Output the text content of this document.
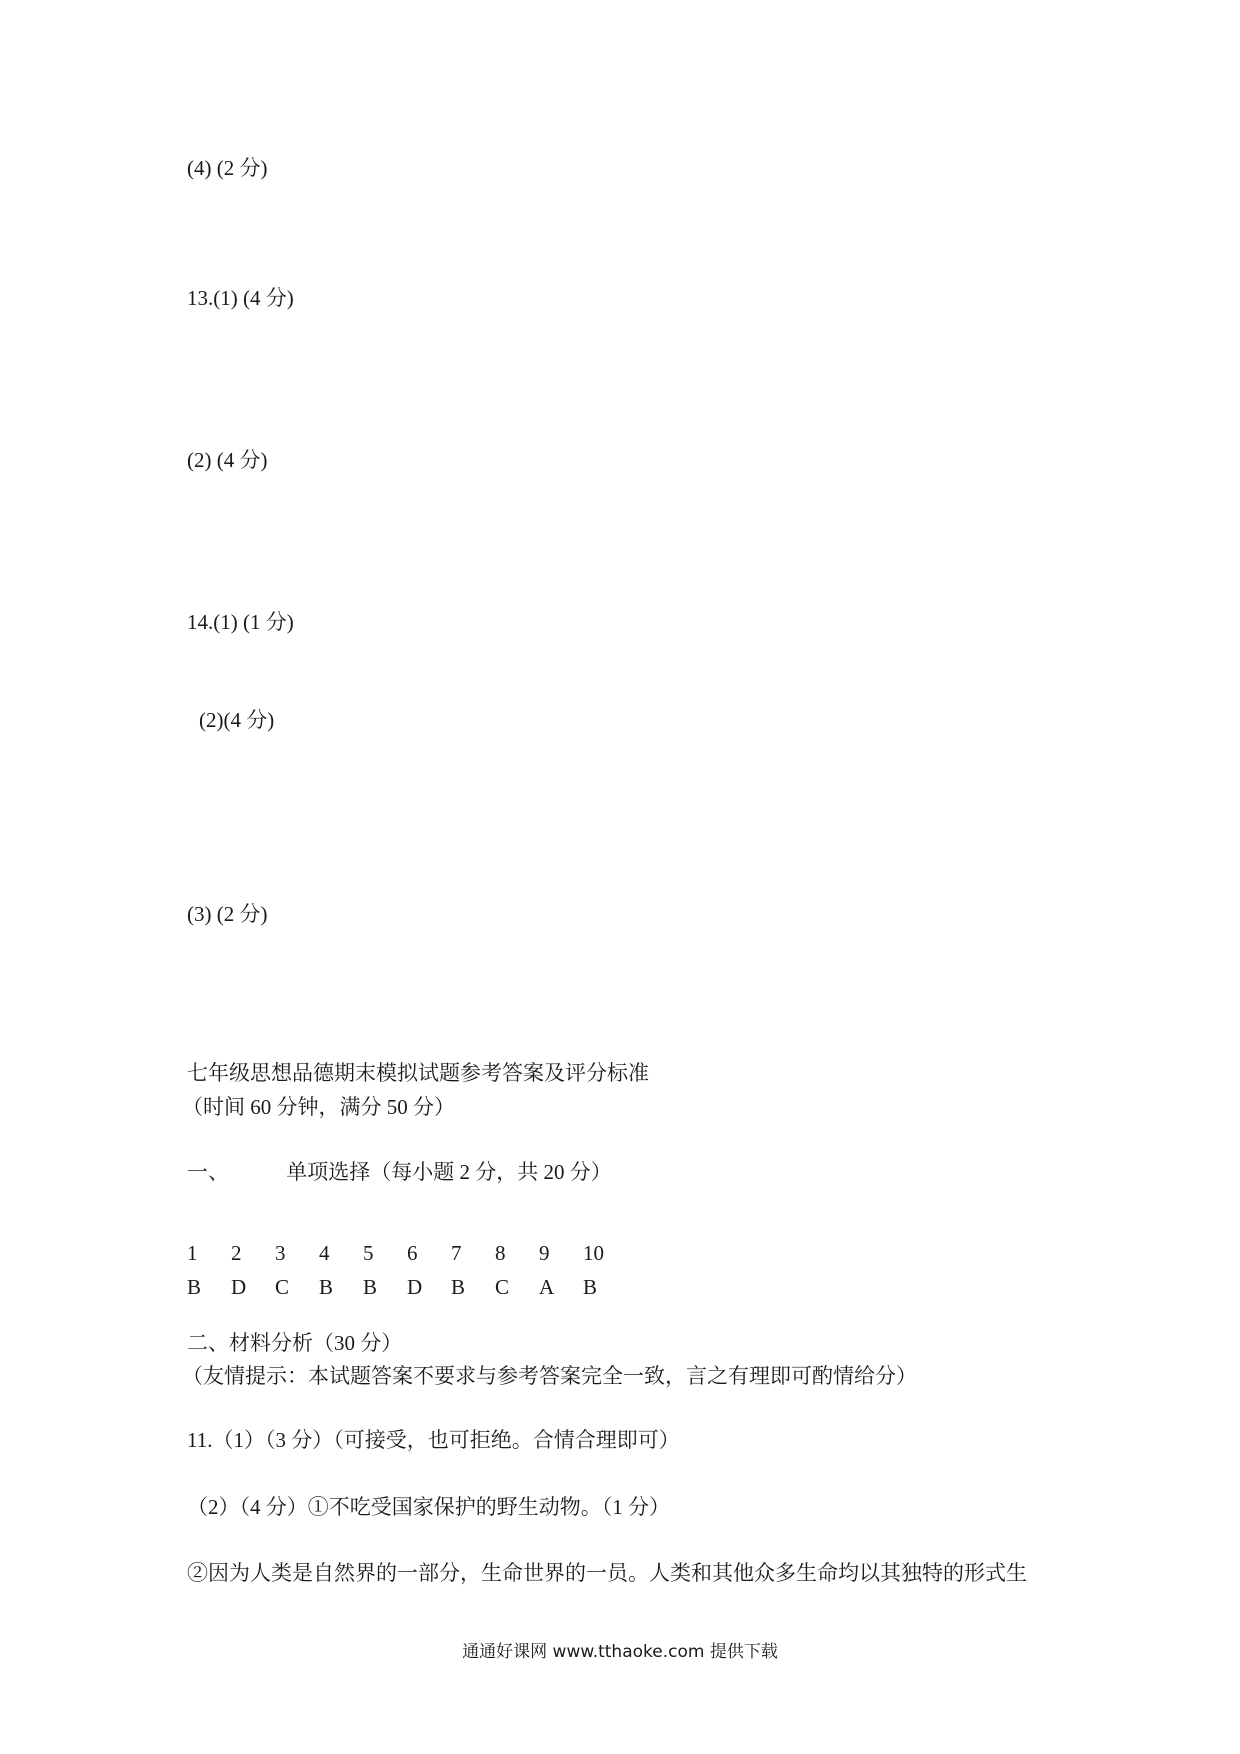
(4) (2 分)
13.(1) (4 分)
(2) (4 分)
14.(1) (1 分)
(2)(4 分)
(3) (2 分)
七年级思想品德期末模拟试题参考答案及评分标准
（时间 60 分钟，满分 50 分）
一、	单项选择（每小题 2 分，共 20 分）
1	2	3	4	5	6	7	8	9	10
B	D	C	B	B	D	B	C	A	B
二、材料分析（30 分）
（友情提示：本试题答案不要求与参考答案完全一致，言之有理即可酌情给分）
11.（1）（3 分）（可接受，也可拒绝。合情合理即可）
（2）（4 分）①不吃受国家保护的野生动物。（1 分）
②因为人类是自然界的一部分，生命世界的一员。人类和其他众多生命均以其独特的形式生
通通好课网 www.tthaoke.com 提供下载
